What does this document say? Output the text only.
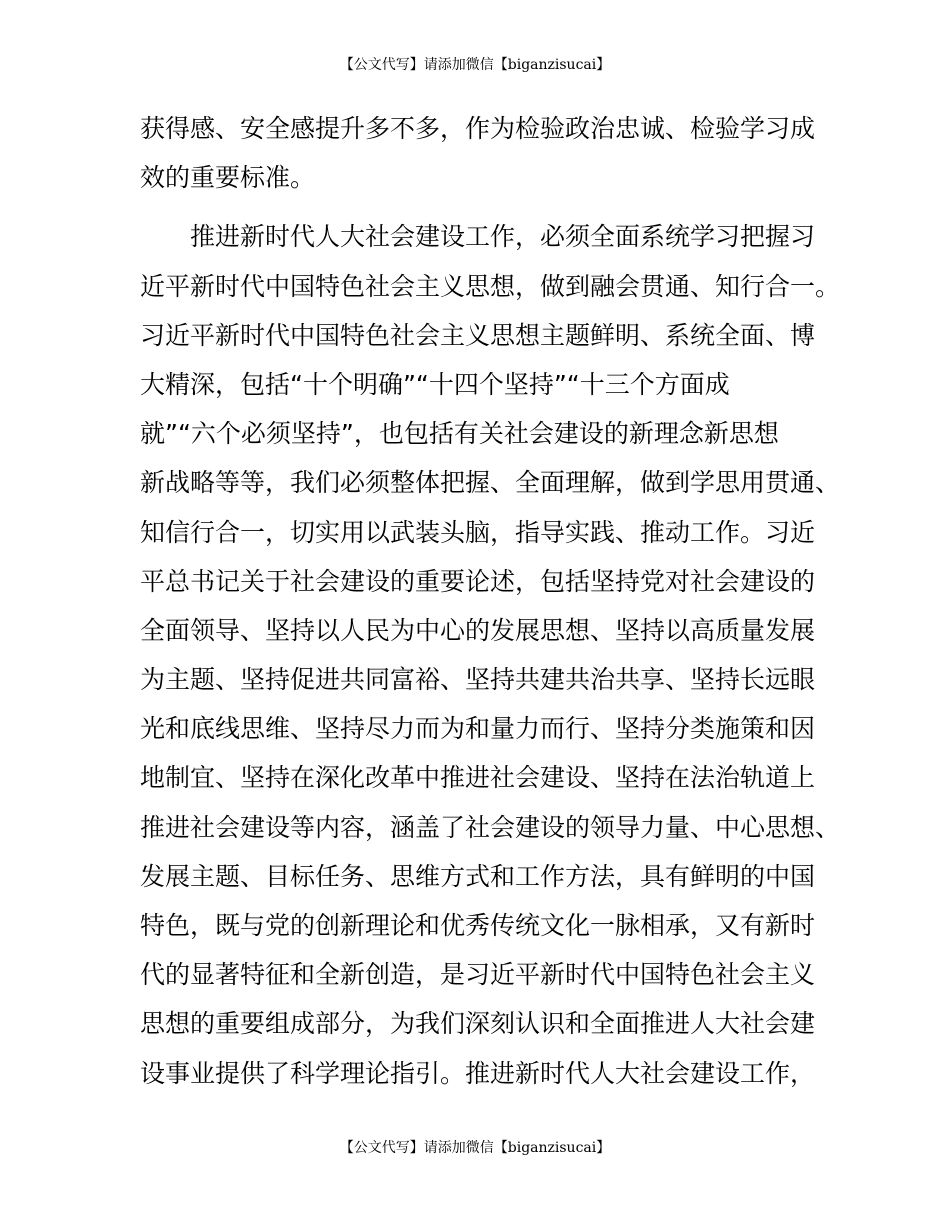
【公文代写】请添加微信【biganzisucai】
获得感、安全感提升多不多，作为检验政治忠诚、检验学习成
效的重要标准。
　　推进新时代人大社会建设工作，必须全面系统学习把握习
近平新时代中国特色社会主义思想，做到融会贯通、知行合一。
习近平新时代中国特色社会主义思想主题鲜明、系统全面、博
大精深，包括“十个明确”“十四个坚持”“十三个方面成
就”“六个必须坚持”，也包括有关社会建设的新理念新思想
新战略等等，我们必须整体把握、全面理解，做到学思用贯通、
知信行合一，切实用以武装头脑，指导实践、推动工作。习近
平总书记关于社会建设的重要论述，包括坚持党对社会建设的
全面领导、坚持以人民为中心的发展思想、坚持以高质量发展
为主题、坚持促进共同富裕、坚持共建共治共享、坚持长远眼
光和底线思维、坚持尽力而为和量力而行、坚持分类施策和因
地制宜、坚持在深化改革中推进社会建设、坚持在法治轨道上
推进社会建设等内容，涵盖了社会建设的领导力量、中心思想、
发展主题、目标任务、思维方式和工作方法，具有鲜明的中国
特色，既与党的创新理论和优秀传统文化一脉相承，又有新时
代的显著特征和全新创造，是习近平新时代中国特色社会主义
思想的重要组成部分，为我们深刻认识和全面推进人大社会建
设事业提供了科学理论指引。推进新时代人大社会建设工作，
【公文代写】请添加微信【biganzisucai】
